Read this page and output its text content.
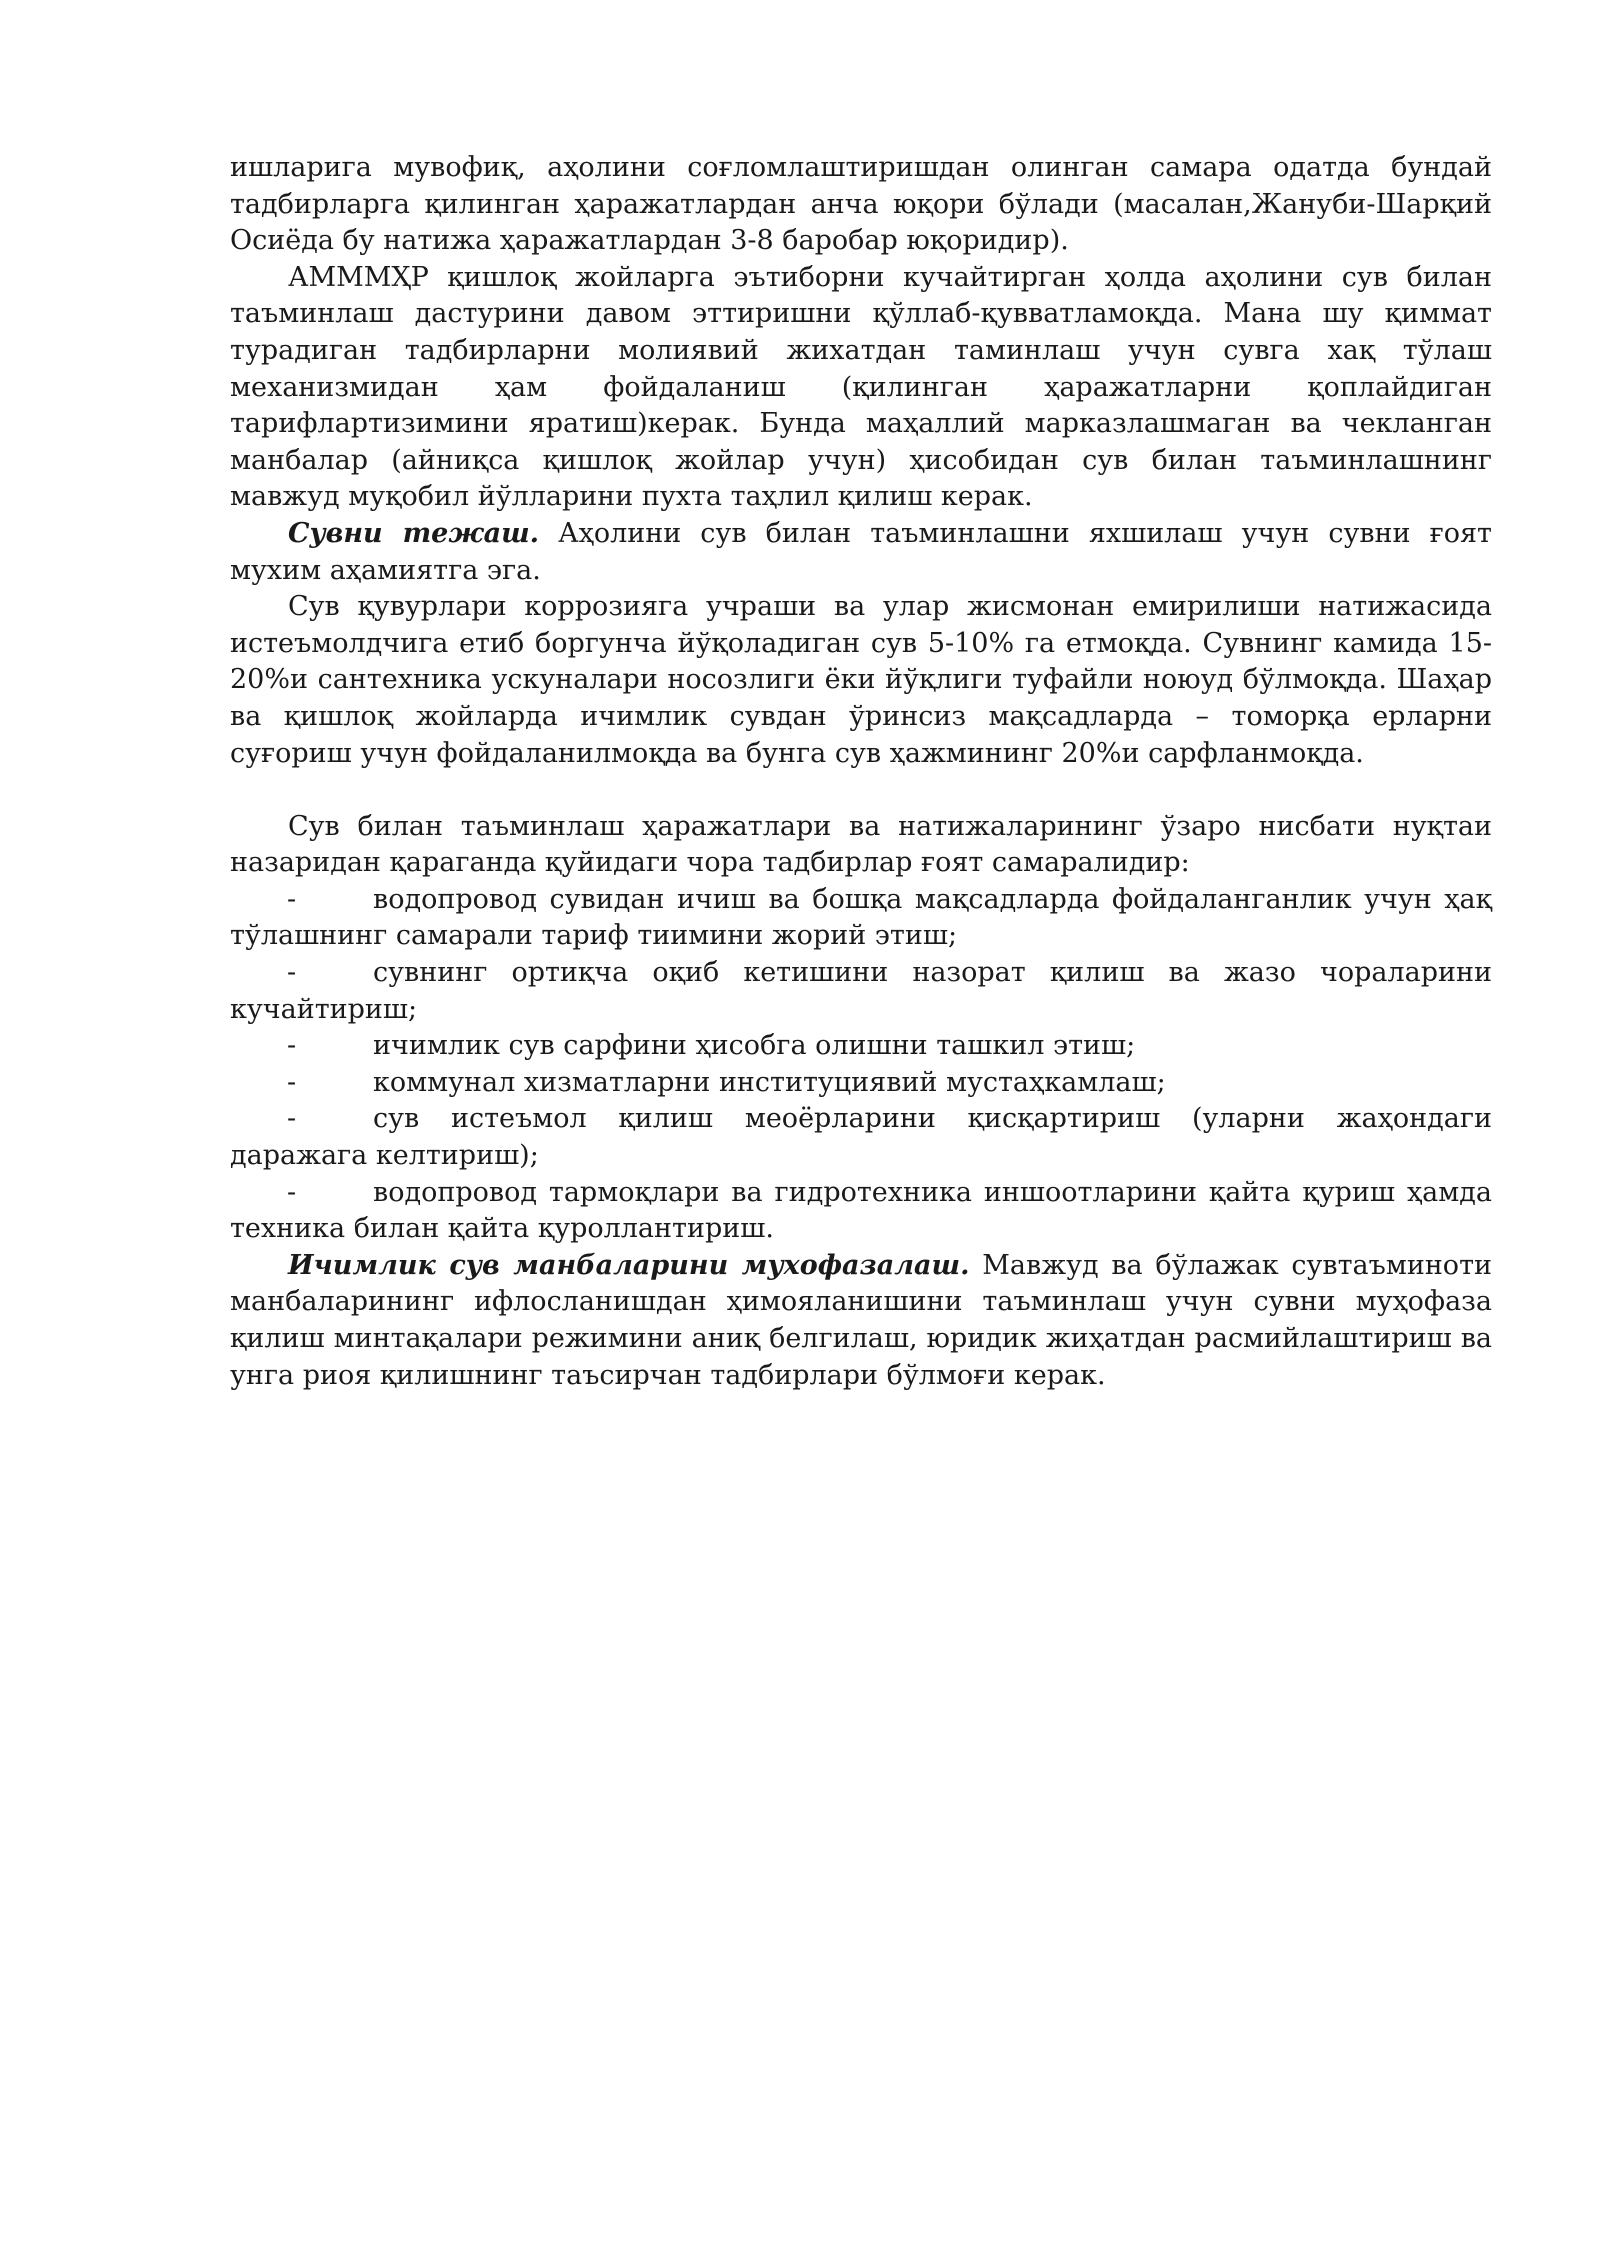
ишларига мувофиқ, аҳолини соғломлаштиришдан олинган самара одатда бундай тадбирларга қилинган ҳаражатлардан анча юқори бўлади (масалан,Жануби-Шарқий Осиёда бу натижа ҳаражатлардан 3-8 баробар юқоридир).

АМММҲР қишлоқ жойларга эътиборни кучайтирган ҳолда аҳолини сув билан таъминлаш дастурини давом эттиришни қўллаб-қувватламоқда. Мана шу қиммат турадиган тадбирларни молиявий жихатдан таминлаш учун сувга хақ тўлаш механизмидан ҳам фойдаланиш (қилинган ҳаражатларни қоплайдиган тарифлартизимини яратиш)керак. Бунда маҳаллий марказлашмаган ва чекланган манбалар (айниқса қишлоқ жойлар учун) ҳисобидан сув билан таъминлашнинг мавжуд муқобил йўлларини пухта таҳлил қилиш керак.

Сувни тежаш. Аҳолини сув билан таъминлашни яхшилаш учун сувни ғоят мухим аҳамиятга эга.

Сув қувурлари коррозияга учраши ва улар жисмонан емирилиши натижасида истеъмолдчига етиб боргунча йўқоладиган сув 5-10% га етмоқда. Сувнинг камида 15-20%и сантехника ускуналари носозлиги ёки йўқлиги туфайли ноюуд бўлмоқда. Шаҳар ва қишлоқ жойларда ичимлик сувдан ўринсиз мақсадларда – томорқа ерларни суғориш учун фойдаланилмоқда ва бунга сув ҳажмининг 20%и сарфланмоқда.

Сув билан таъминлаш ҳаражатлари ва натижаларининг ўзаро нисбати нуқтаи назаридан қараганда қуйидаги чора тадбирлар ғоят самаралидир:

-	водопровод сувидан ичиш ва бошқа мақсадларда фойдаланганлик учун ҳақ тўлашнинг самарали тариф тиимини жорий этиш;

-	сувнинг ортиқча оқиб кетишини назорат қилиш ва жазо чораларини кучайтириш;

-	ичимлик сув сарфини ҳисобга олишни ташкил этиш;

-	коммунал хизматларни институциявий мустаҳкамлаш;

-	сув истеъмол қилиш меоёрларини қисқартириш (уларни жаҳондаги даражага келтириш);

-	водопровод тармоқлари ва гидротехника иншоотларини қайта қуриш ҳамда техника билан қайта қуроллантириш.

Ичимлик сув манбаларини мухофазалаш. Мавжуд ва бўлажак сувтаъминоти манбаларининг ифлосланишдан ҳимояланишини таъминлаш учун сувни муҳофаза қилиш минтақалари режимини аниқ белгилаш, юридик жиҳатдан расмийлаштириш ва унга риоя қилишнинг таъсирчан тадбирлари бўлмоғи керак.
